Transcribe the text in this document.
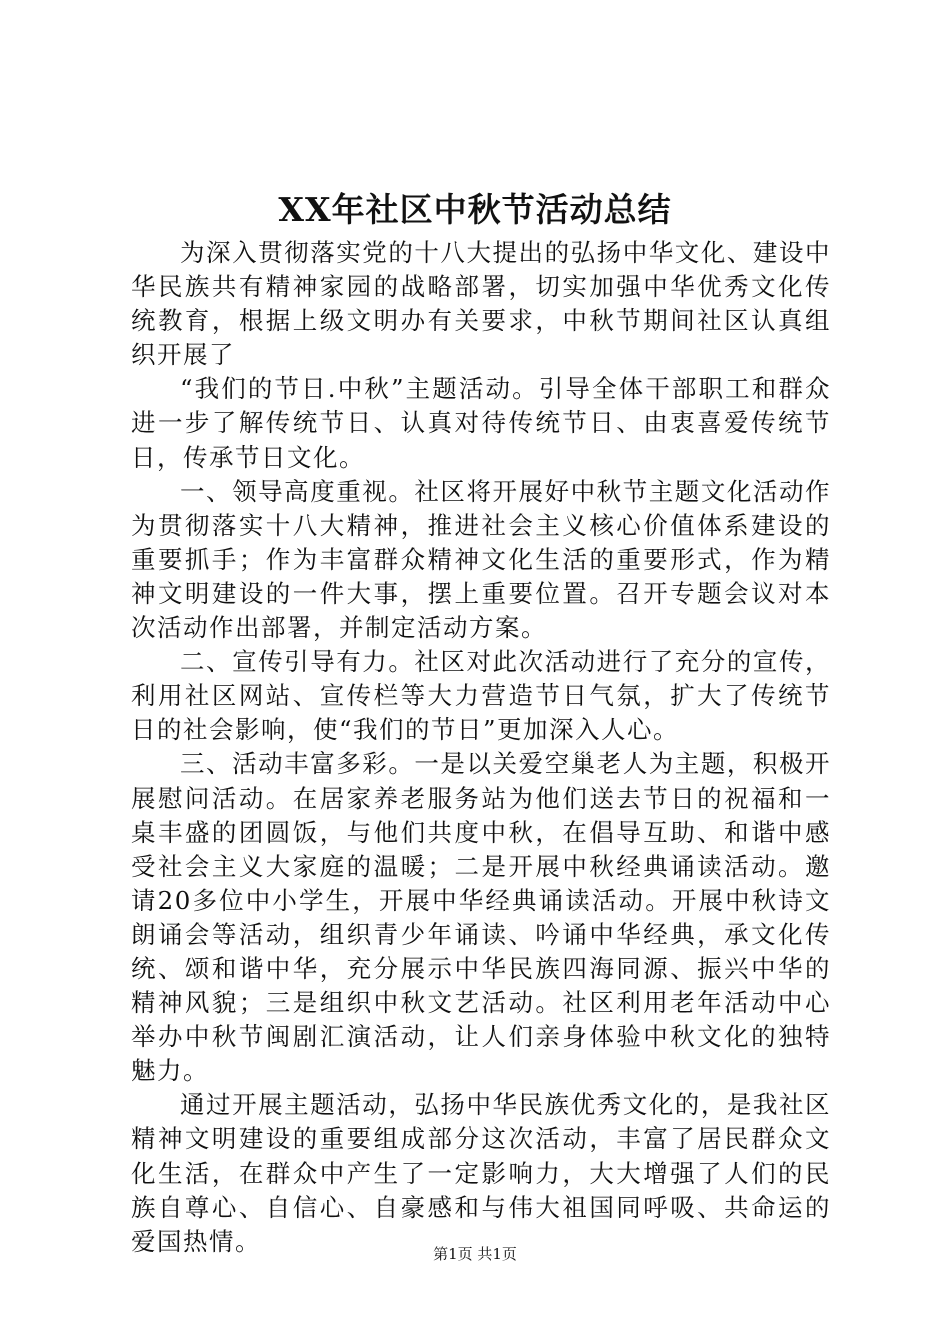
XX年社区中秋节活动总结

为深入贯彻落实党的十八大提出的弘扬中华文化、建设中华民族共有精神家园的战略部署，切实加强中华优秀文化传统教育，根据上级文明办有关要求，中秋节期间社区认真组织开展了

“我们的节日.中秋”主题活动。引导全体干部职工和群众进一步了解传统节日、认真对待传统节日、由衷喜爱传统节日，传承节日文化。

一、领导高度重视。社区将开展好中秋节主题文化活动作为贯彻落实十八大精神，推进社会主义核心价值体系建设的重要抓手；作为丰富群众精神文化生活的重要形式，作为精神文明建设的一件大事，摆上重要位置。召开专题会议对本次活动作出部署，并制定活动方案。

二、宣传引导有力。社区对此次活动进行了充分的宣传，利用社区网站、宣传栏等大力营造节日气氛，扩大了传统节日的社会影响，使“我们的节日”更加深入人心。

三、活动丰富多彩。一是以关爱空巢老人为主题，积极开展慰问活动。在居家养老服务站为他们送去节日的祝福和一桌丰盛的团圆饭，与他们共度中秋，在倡导互助、和谐中感受社会主义大家庭的温暖；二是开展中秋经典诵读活动。邀请20多位中小学生，开展中华经典诵读活动。开展中秋诗文朗诵会等活动，组织青少年诵读、吟诵中华经典，承文化传统、颂和谐中华，充分展示中华民族四海同源、振兴中华的精神风貌；三是组织中秋文艺活动。社区利用老年活动中心举办中秋节闽剧汇演活动，让人们亲身体验中秋文化的独特魅力。

通过开展主题活动，弘扬中华民族优秀文化的，是我社区精神文明建设的重要组成部分这次活动，丰富了居民群众文化生活，在群众中产生了一定影响力，大大增强了人们的民族自尊心、自信心、自豪感和与伟大祖国同呼吸、共命运的爱国热情。	第1页 共1页
